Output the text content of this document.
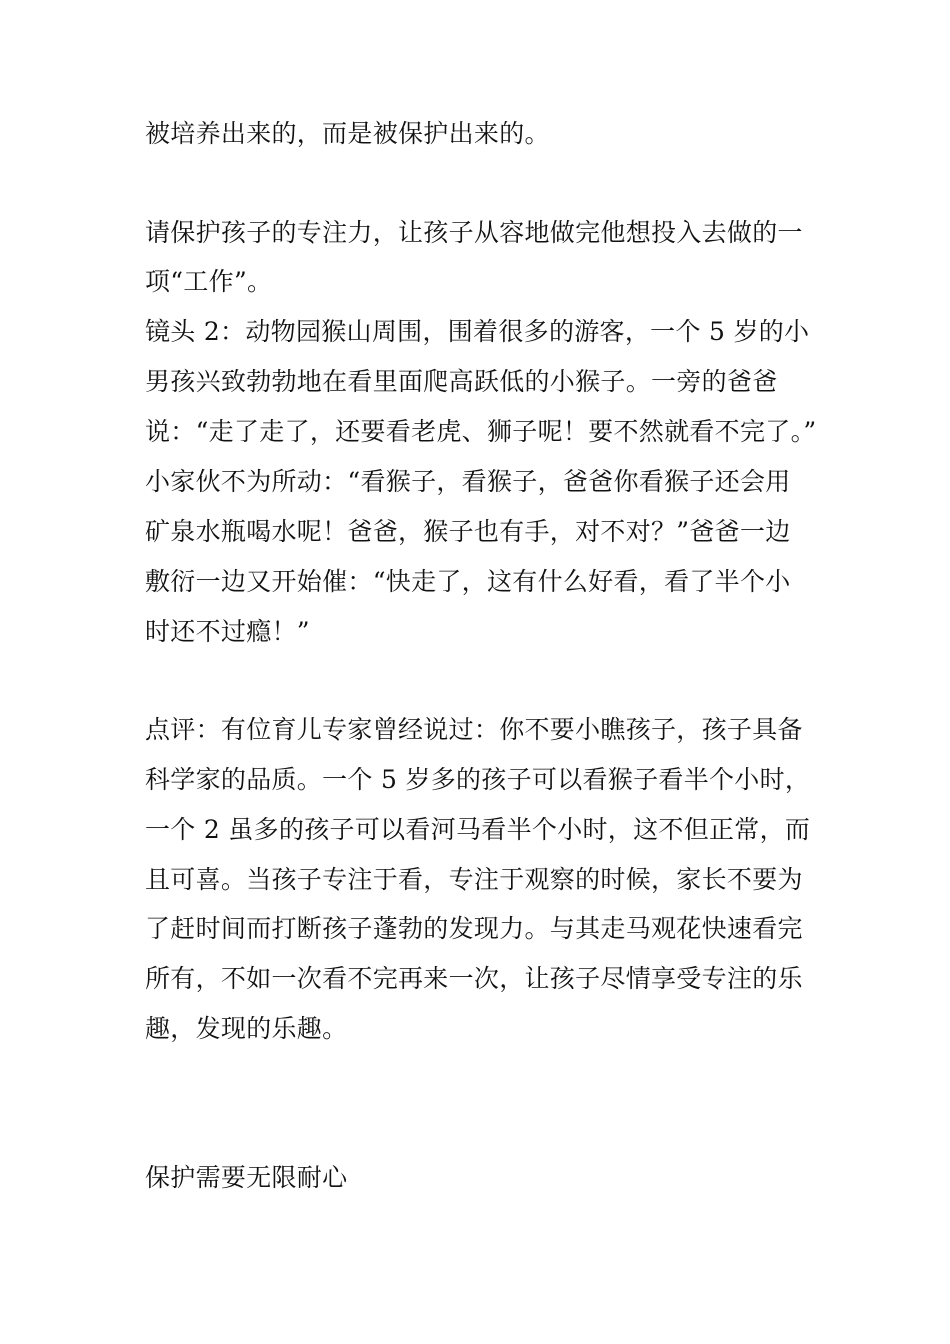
被培养出来的，而是被保护出来的。
请保护孩子的专注力，让孩子从容地做完他想投入去做的一
项“工作”。
镜头 2：动物园猴山周围，围着很多的游客，一个 5 岁的小
男孩兴致勃勃地在看里面爬高跃低的小猴子。一旁的爸爸
说：“走了走了，还要看老虎、狮子呢！要不然就看不完了。”
小家伙不为所动：“看猴子，看猴子，爸爸你看猴子还会用
矿泉水瓶喝水呢！爸爸，猴子也有手，对不对？”爸爸一边
敷衍一边又开始催：“快走了，这有什么好看，看了半个小
时还不过瘾！”
点评：有位育儿专家曾经说过：你不要小瞧孩子，孩子具备
科学家的品质。一个 5 岁多的孩子可以看猴子看半个小时，
一个 2 虽多的孩子可以看河马看半个小时，这不但正常，而
且可喜。当孩子专注于看，专注于观察的时候，家长不要为
了赶时间而打断孩子蓬勃的发现力。与其走马观花快速看完
所有，不如一次看不完再来一次，让孩子尽情享受专注的乐
趣，发现的乐趣。
保护需要无限耐心
